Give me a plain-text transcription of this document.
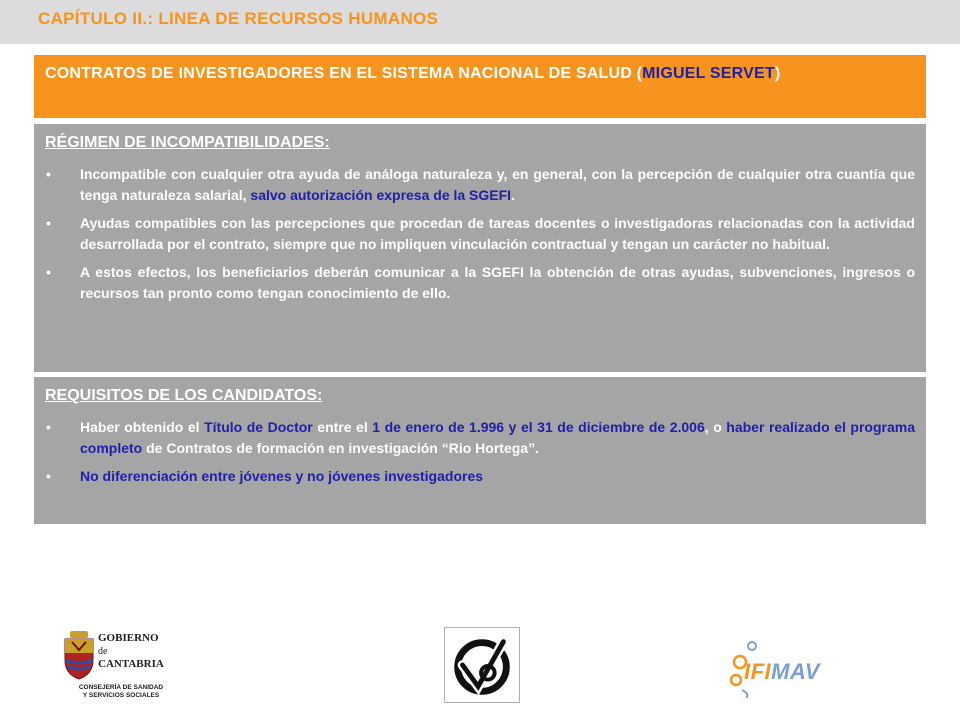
CAPÍTULO II.: LINEA DE RECURSOS HUMANOS
CONTRATOS DE INVESTIGADORES EN EL SISTEMA NACIONAL DE SALUD (MIGUEL SERVET)
RÉGIMEN DE INCOMPATIBILIDADES:
• Incompatible con cualquier otra ayuda de análoga naturaleza y, en general, con la percepción de cualquier otra cuantía que tenga naturaleza salarial, salvo autorización expresa de la SGEFI.
• Ayudas compatibles con las percepciones que procedan de tareas docentes o investigadoras relacionadas con la actividad desarrollada por el contrato, siempre que no impliquen vinculación contractual y tengan un carácter no habitual.
• A estos efectos, los beneficiarios deberán comunicar a la SGEFI la obtención de otras ayudas, subvenciones, ingresos o recursos tan pronto como tengan conocimiento de ello.
REQUISITOS DE LOS CANDIDATOS:
• Haber obtenido el Título de Doctor entre el 1 de enero de 1.996 y el 31 de diciembre de 2.006, o haber realizado el programa completo de Contratos de formación en investigación “Rio Hortega”.
• No diferenciación entre jóvenes y no jóvenes investigadores
GOBIERNO
de
CANTABRIA
CONSEJERÍA DE SANIDAD
Y SERVICIOS SOCIALES
IFIMAV
